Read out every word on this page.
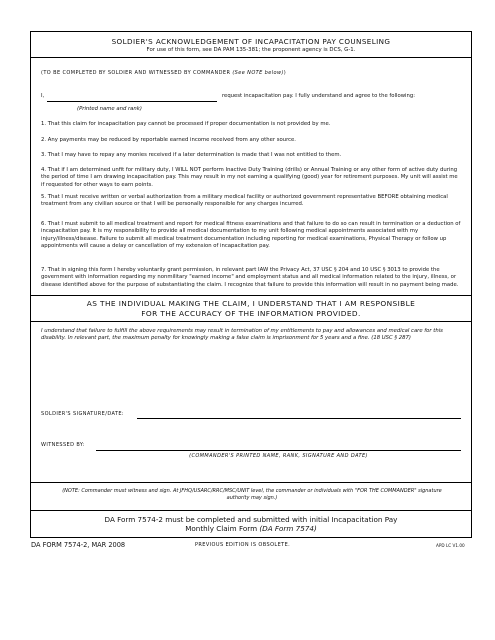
SOLDIER'S ACKNOWLEDGEMENT OF INCAPACITATION PAY COUNSELING
For use of this form, see DA PAM 135-381; the proponent agency is DCS, G-1.
(TO BE COMPLETED BY SOLDIER AND WITNESSED BY COMMANDER (See NOTE below))
I,	request incapacitation pay. I fully understand and agree to the following:
(Printed name and rank)
1. That this claim for incapacitation pay cannot be processed if proper documentation is not provided by me.
2. Any payments may be reduced by reportable earned income received from any other source.
3. That I may have to repay any monies received if a later determination is made that I was not entitled to them.
4. That if I am determined unfit for military duty, I WILL NOT perform Inactive Duty Training (drills) or Annual Training or any other form of active duty during the period of time I am drawing incapacitation pay. This may result in my not earning a qualifying (good) year for retirement purposes. My unit will assist me if requested for other ways to earn points.
5. That I must receive written or verbal authorization from a military medical facility or authorized government representative BEFORE obtaining medical treatment from any civilian source or that I will be personally responsible for any charges incurred.
6. That I must submit to all medical treatment and report for medical fitness examinations and that failure to do so can result in termination or a deduction of incapacitation pay. It is my responsibility to provide all medical documentation to my unit following medical appointments associated with my injury/illness/disease. Failure to submit all medical treatment documentation including reporting for medical examinations, Physical Therapy or follow up appointments will cause a delay or cancellation of my extension of incapacitation pay.
7. That in signing this form I hereby voluntarily grant permission, in relevant part IAW the Privacy Act, 37 USC § 204 and 10 USC § 3013 to provide the government with information regarding my nonmilitary "earned income" and employment status and all medical information related to the injury, illness, or disease identified above for the purpose of substantiating the claim. I recognize that failure to provide this information will result in no payment being made.
AS THE INDIVIDUAL MAKING THE CLAIM, I UNDERSTAND THAT I AM RESPONSIBLE
FOR THE ACCURACY OF THE INFORMATION PROVIDED.
I understand that failure to fulfill the above requirements may result in termination of my entitlements to pay and allowances and medical care for this disability. In relevant part, the maximum penalty for knowingly making a false claim is imprisonment for 5 years and a fine. (18 USC § 287)
SOLDIER'S SIGNATURE/DATE:
WITNESSED BY:
(COMMANDER'S PRINTED NAME, RANK, SIGNATURE AND DATE)
(NOTE: Commander must witness and sign. At JFHQ/USARC/RRC/MSC/UNIT level, the commander or individuals with "FOR THE COMMANDER" signature authority may sign.)
DA Form 7574-2 must be completed and submitted with initial Incapacitation Pay
Monthly Claim Form (DA Form 7574)
DA FORM 7574-2, MAR 2008	PREVIOUS EDITION IS OBSOLETE.	APD LC V1.00
